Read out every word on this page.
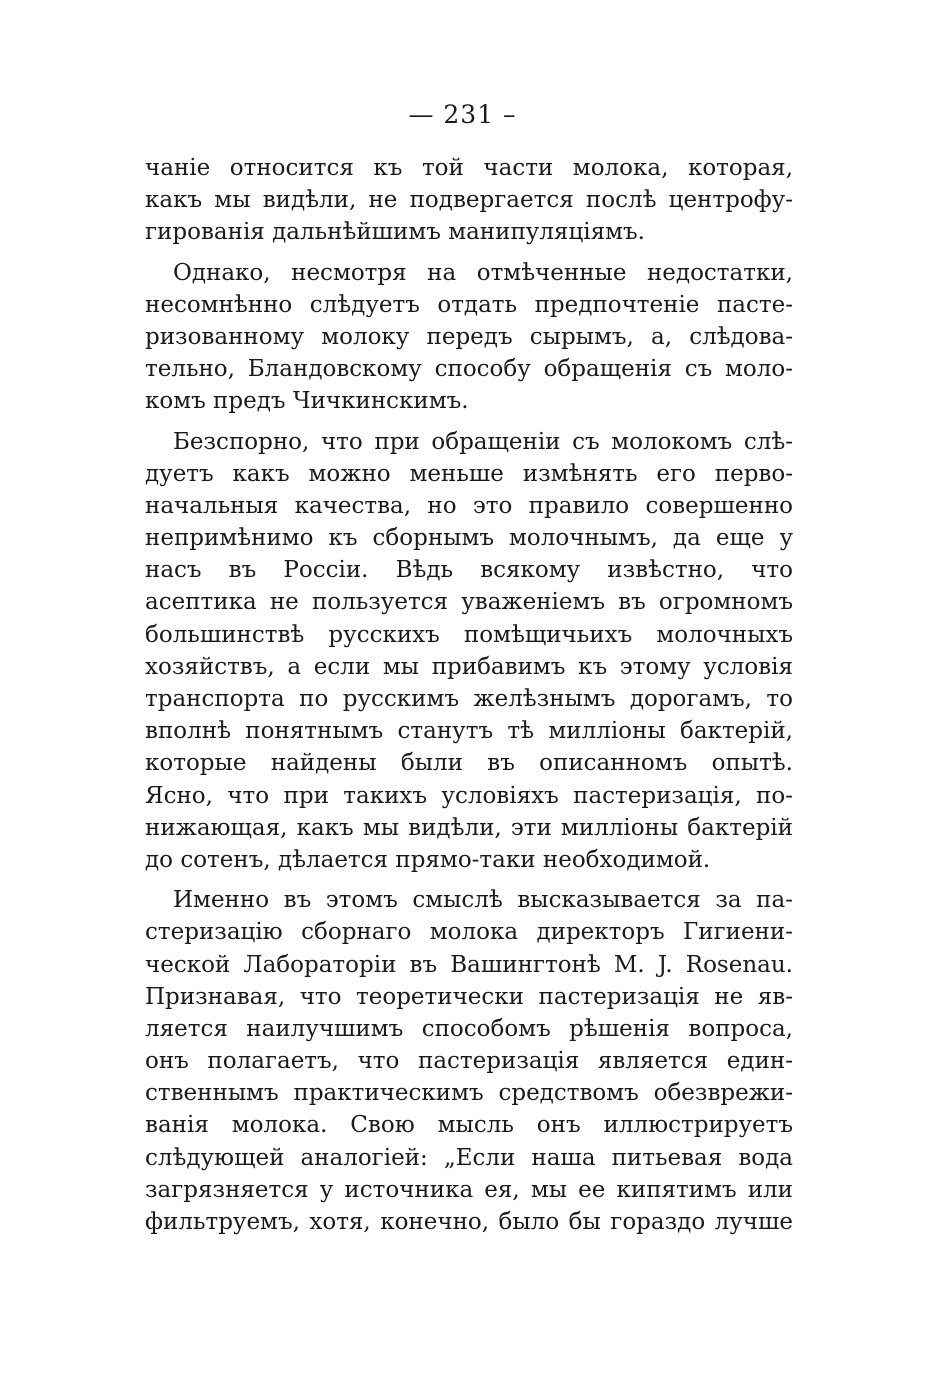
— 231 –
чаніе относится къ той части молока, которая,
какъ мы видѣли, не подвергается послѣ центрофу-
гированія дальнѣйшимъ манипуляціямъ.
Однако, несмотря на отмѣченные недостатки,
несомнѣнно слѣдуетъ отдать предпочтеніе пасте-
ризованному молоку передъ сырымъ, а, слѣдова-
тельно, Бландовскому способу обращенія съ моло-
комъ предъ Чичкинскимъ.
Безспорно, что при обращеніи съ молокомъ слѣ-
дуетъ какъ можно меньше измѣнять его перво-
начальныя качества, но это правило совершенно
непримѣнимо къ сборнымъ молочнымъ, да еще у
насъ въ Россіи. Вѣдь всякому извѣстно, что
асептика не пользуется уваженіемъ въ огромномъ
большинствѣ русскихъ помѣщичьихъ молочныхъ
хозяйствъ, а если мы прибавимъ къ этому условія
транспорта по русскимъ желѣзнымъ дорогамъ, то
вполнѣ понятнымъ станутъ тѣ милліоны бактерій,
которые найдены были въ описанномъ опытѣ.
Ясно, что при такихъ условіяхъ пастеризація, по-
нижающая, какъ мы видѣли, эти милліоны бактерій
до сотенъ, дѣлается прямо-таки необходимой.
Именно въ этомъ смыслѣ высказывается за па-
стеризацію сборнаго молока директоръ Гигиени-
ческой Лабораторіи въ Вашингтонѣ M. J. Rosenau.
Признавая, что теоретически пастеризація не яв-
ляется наилучшимъ способомъ рѣшенія вопроса,
онъ полагаетъ, что пастеризація является един-
ственнымъ практическимъ средствомъ обезврежи-
ванія молока. Свою мысль онъ иллюстрируетъ
слѣдующей аналогіей: „Если наша питьевая вода
загрязняется у источника ея, мы ее кипятимъ или
фильтруемъ, хотя, конечно, было бы гораздо лучше
